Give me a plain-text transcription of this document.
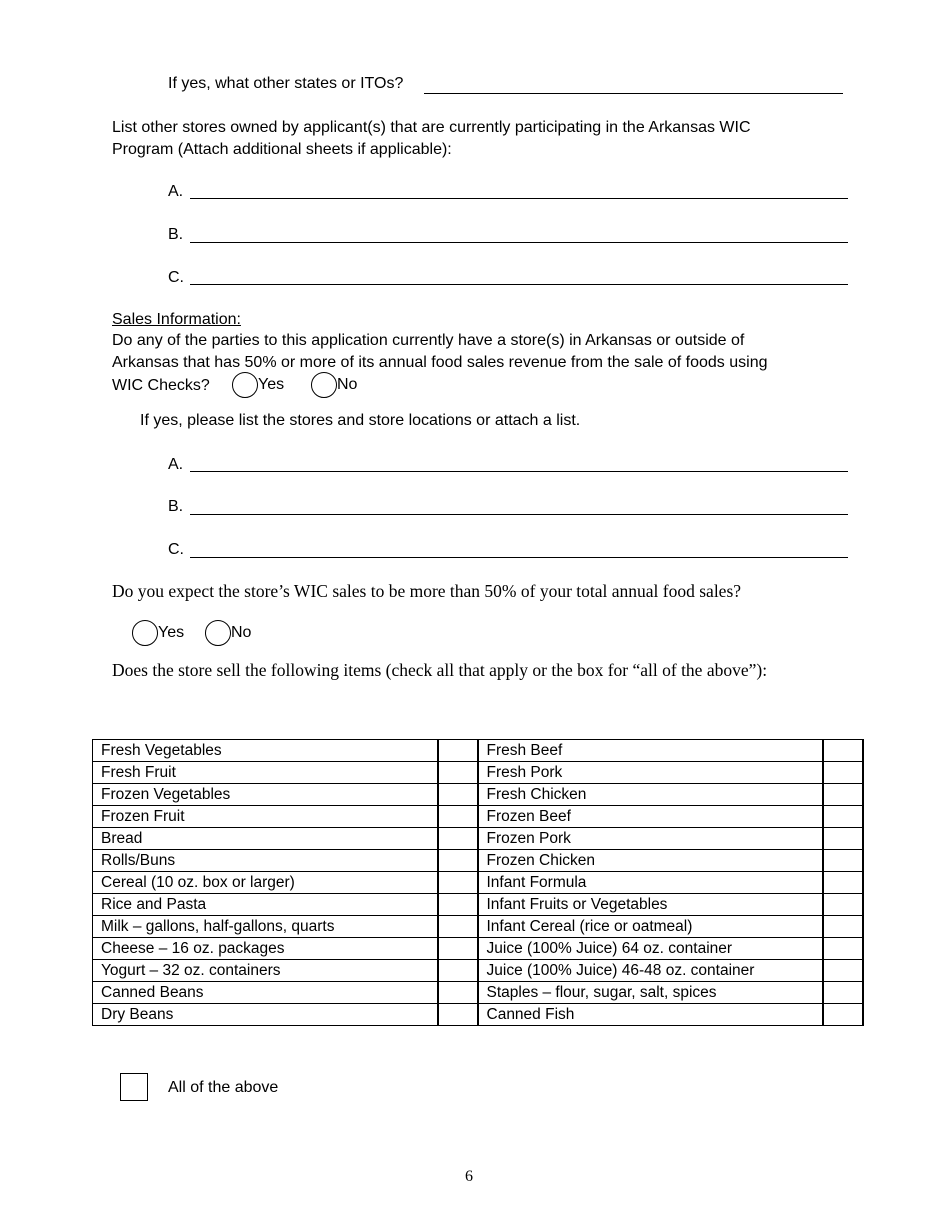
If yes, what other states or ITOs?
List other stores owned by applicant(s) that are currently participating in the Arkansas WIC
Program (Attach additional sheets if applicable):
A.
B.
C.
Sales Information:
Do any of the parties to this application currently have a store(s) in Arkansas or outside of
Arkansas that has 50% or more of its annual food sales revenue from the sale of foods using
WIC Checks?	Yes	No
If yes, please list the stores and store locations or attach a list.
A.
B.
C.
Do you expect the store’s WIC sales to be more than 50% of your total annual food sales?
Yes	No
Does the store sell the following items (check all that apply or the box for “all of the above”):
Fresh Vegetables		Fresh Beef	
Fresh Fruit		Fresh Pork	
Frozen Vegetables		Fresh Chicken	
Frozen Fruit		Frozen Beef	
Bread		Frozen Pork	
Rolls/Buns		Frozen Chicken	
Cereal (10 oz. box or larger)		Infant Formula	
Rice and Pasta		Infant Fruits or Vegetables	
Milk – gallons, half-gallons, quarts		Infant Cereal (rice or oatmeal)	
Cheese – 16 oz. packages		Juice (100% Juice) 64 oz. container	
Yogurt – 32 oz. containers		Juice (100% Juice) 46-48 oz. container	
Canned Beans		Staples – flour, sugar, salt, spices	
Dry Beans		Canned Fish	
All of the above
6
